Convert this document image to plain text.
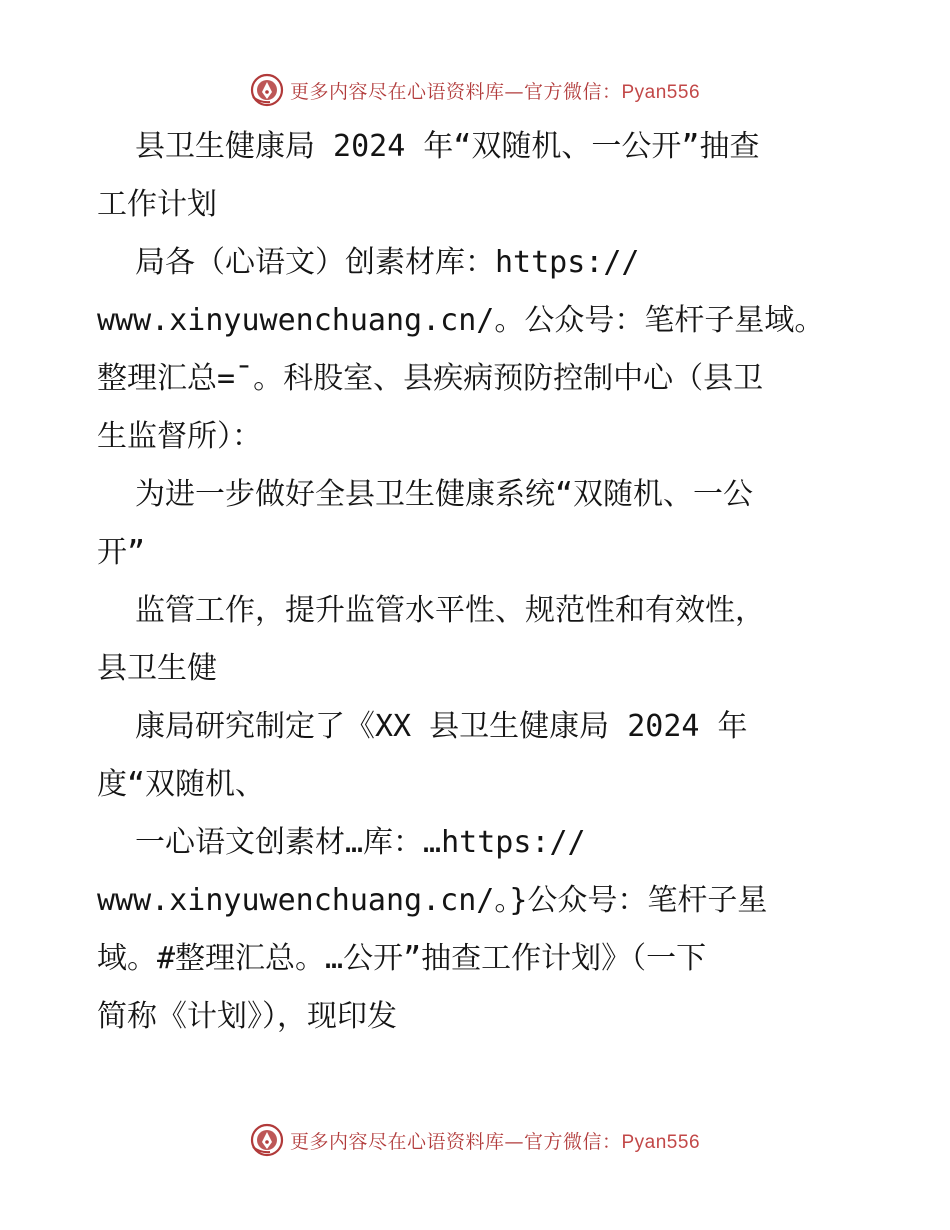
更多内容尽在心语资料库—官方微信：Pyan556
县卫生健康局 2024 年“双随机、一公开”抽查
工作计划
局各（心语文）创素材库：https://
www.xinyuwenchuang.cn/。公众号：笔杆子星域。
整理汇总=¯。科股室、县疾病预防控制中心（县卫
生监督所）：
为进一步做好全县卫生健康系统“双随机、一公
开”
监管工作，提升监管水平性、规范性和有效性，
县卫生健
康局研究制定了《XX 县卫生健康局 2024 年
度“双随机、
一心语文创素材…库：…https://
www.xinyuwenchuang.cn/。}公众号：笔杆子星
域。#整理汇总。…公开”抽查工作计划》（一下
简称《计划》），现印发
更多内容尽在心语资料库—官方微信：Pyan556
